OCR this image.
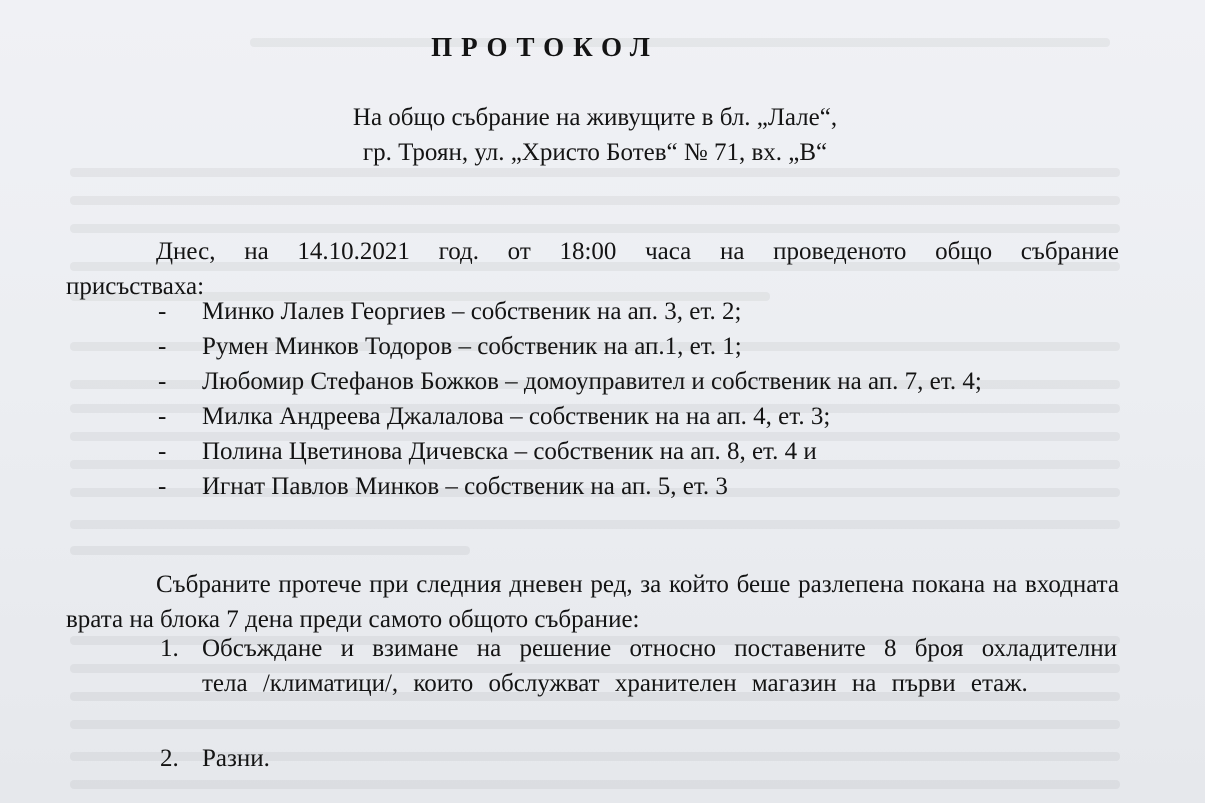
ПРОТОКОЛ
На общо събрание на живущите в бл. „Лале“,
гр. Троян, ул. „Христо Ботев“ № 71, вх. „В“
Днес, на 14.10.2021 год. от 18:00 часа на проведеното общо събрание присъстваха:
- Минко Лалев Георгиев – собственик на ап. 3, ет. 2;
- Румен Минков Тодоров – собственик на ап.1, ет. 1;
- Любомир Стефанов Божков – домоуправител и собственик на ап. 7, ет. 4;
- Милка Андреева Джалалова – собственик на на ап. 4, ет. 3;
- Полина Цветинова Дичевска – собственик на ап. 8, ет. 4 и
- Игнат Павлов Минков – собственик на ап. 5, ет. 3
Събраните протече при следния дневен ред, за който беше разлепена покана на входната врата на блока 7 дена преди самото общото събрание:
1. Обсъждане и взимане на решение относно поставените 8 броя охладителни тела /климатици/, които обслужват хранителен магазин на първи етаж.
2. Разни.
